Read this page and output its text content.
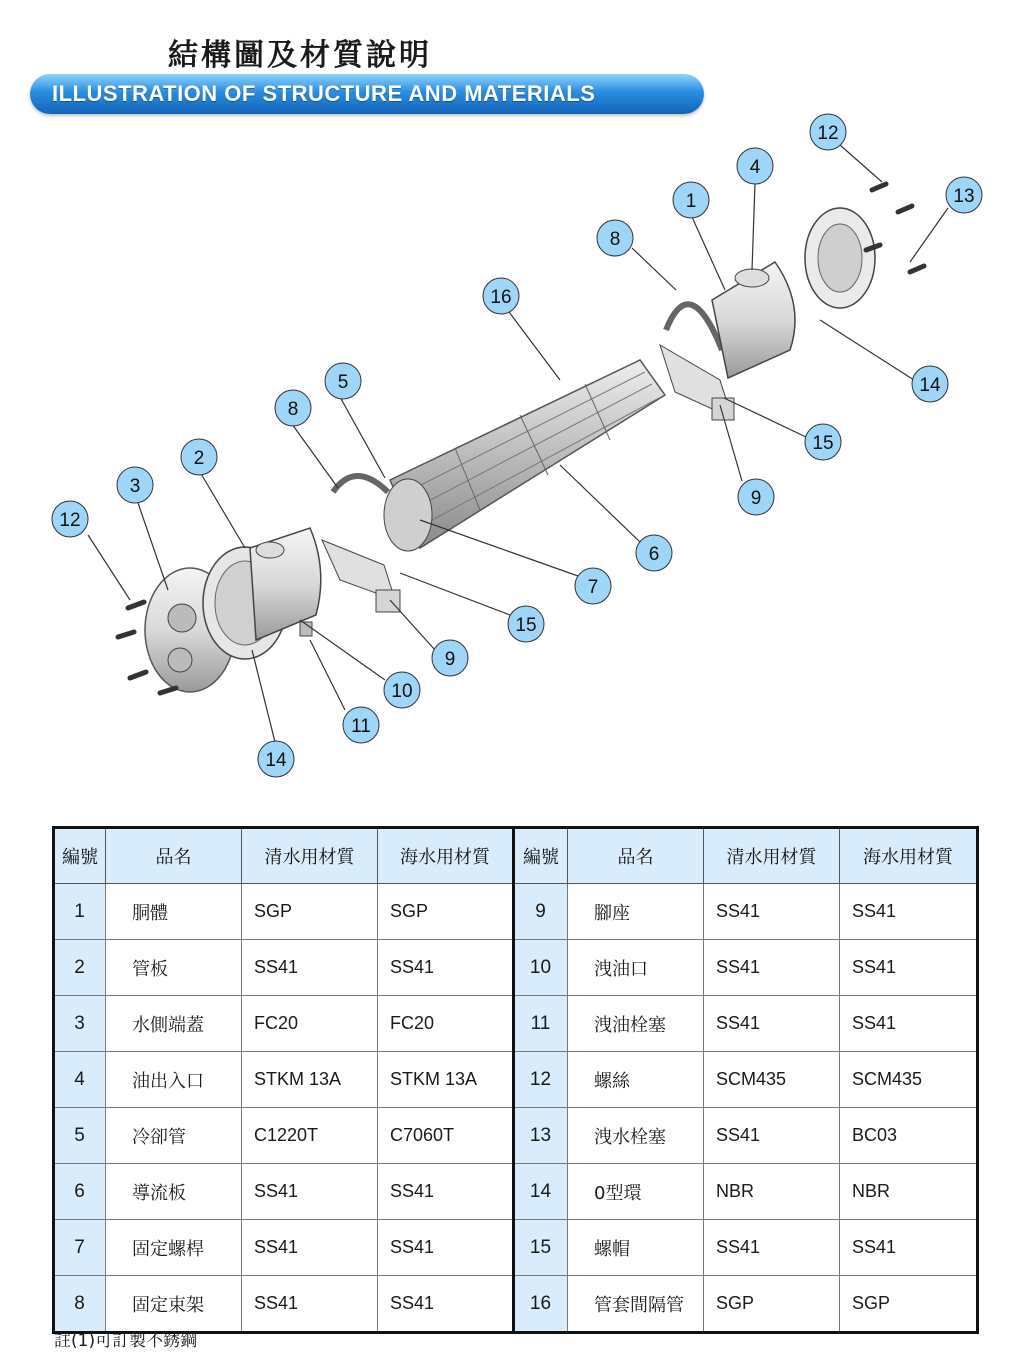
結構圖及材質說明
ILLUSTRATION OF STRUCTURE AND MATERIALS
12
4
1	13
8
16
14
5
15
8
9
2
3
6
12
7
15
9
10
11
14
編號	品名	清水用材質	海水用材質	編號	品名	清水用材質	海水用材質
1	胴體	SGP	SGP	9	腳座	SS41	SS41
2	管板	SS41	SS41	10	洩油口	SS41	SS41
3	水側端蓋	FC20	FC20	11	洩油栓塞	SS41	SS41
4	油出入口	STKM 13A	STKM 13A	12	螺絲	SCM435	SCM435
5	冷卻管	C1220T	C7060T	13	洩水栓塞	SS41	BC03
6	導流板	SS41	SS41	14	0型環	NBR	NBR
7	固定螺桿	SS41	SS41	15	螺帽	SS41	SS41
8	固定束架	SS41	SS41	16	管套間隔管	SGP	SGP
註(1)可訂製不銹鋼
